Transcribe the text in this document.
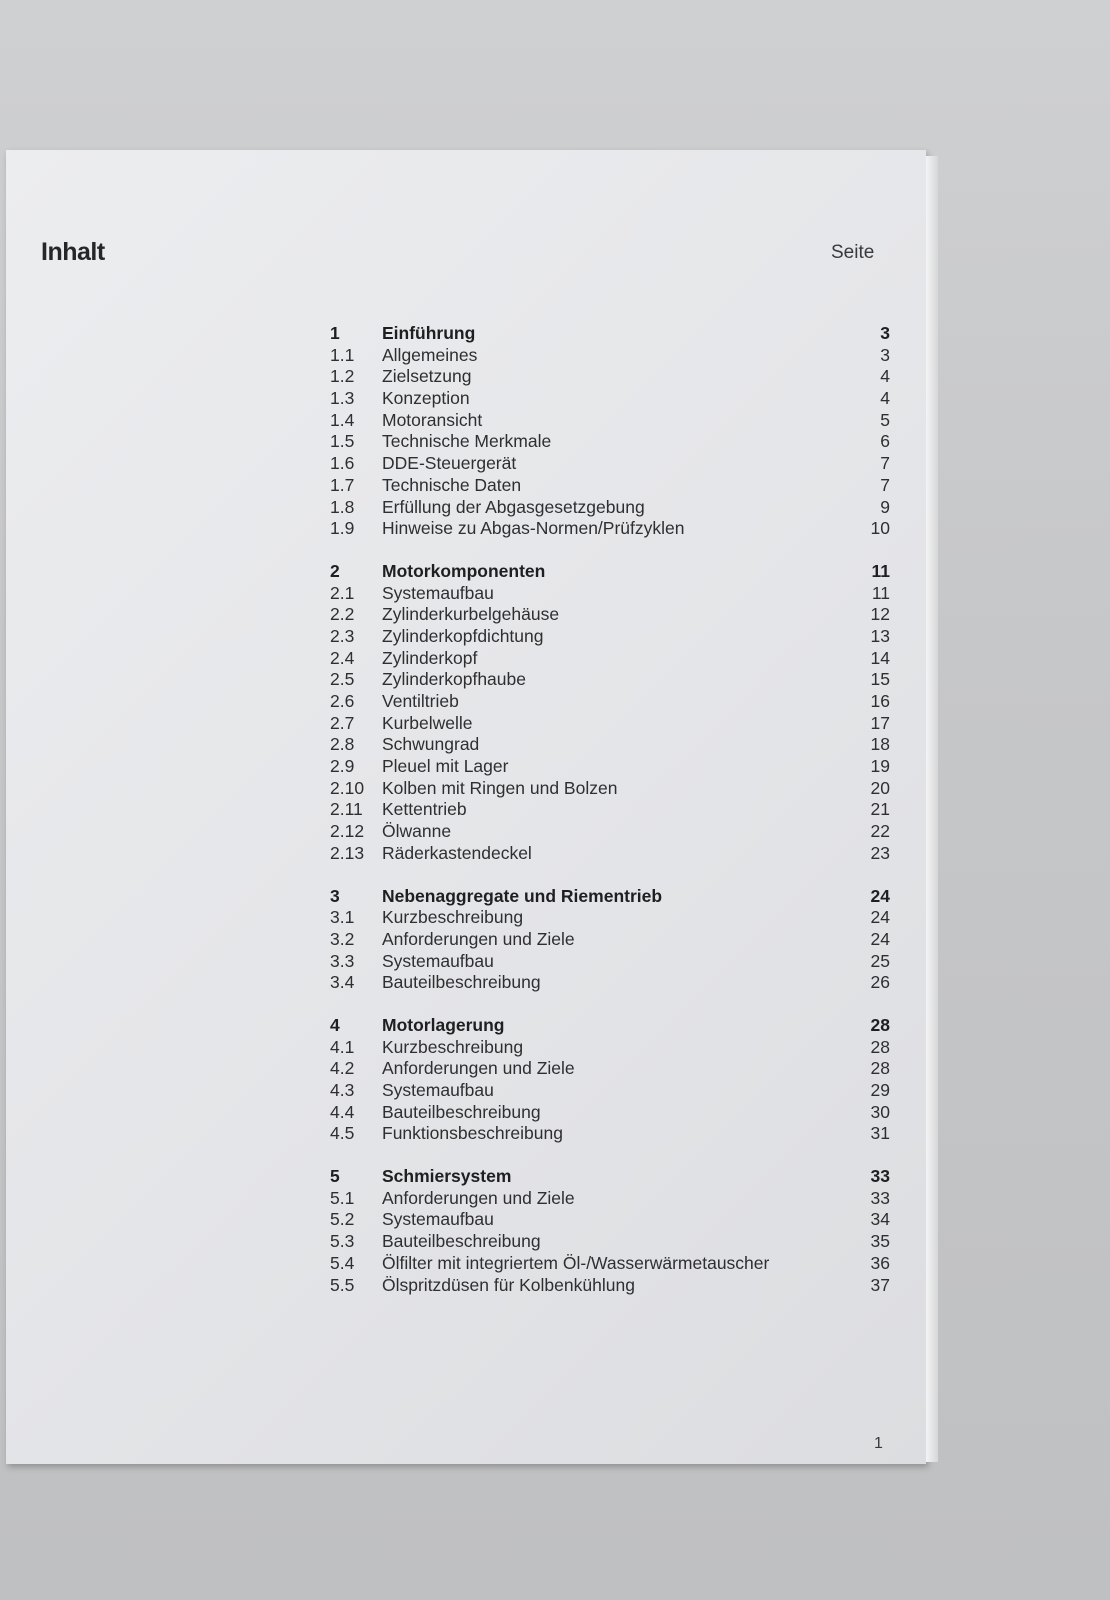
Inhalt	Seite
1	Einführung	3
1.1	Allgemeines	3
1.2	Zielsetzung	4
1.3	Konzeption	4
1.4	Motoransicht	5
1.5	Technische Merkmale	6
1.6	DDE-Steuergerät	7
1.7	Technische Daten	7
1.8	Erfüllung der Abgasgesetzgebung	9
1.9	Hinweise zu Abgas-Normen/Prüfzyklen	10
2	Motorkomponenten	11
2.1	Systemaufbau	11
2.2	Zylinderkurbelgehäuse	12
2.3	Zylinderkopfdichtung	13
2.4	Zylinderkopf	14
2.5	Zylinderkopfhaube	15
2.6	Ventiltrieb	16
2.7	Kurbelwelle	17
2.8	Schwungrad	18
2.9	Pleuel mit Lager	19
2.10	Kolben mit Ringen und Bolzen	20
2.11	Kettentrieb	21
2.12	Ölwanne	22
2.13	Räderkastendeckel	23
3	Nebenaggregate und Riementrieb	24
3.1	Kurzbeschreibung	24
3.2	Anforderungen und Ziele	24
3.3	Systemaufbau	25
3.4	Bauteilbeschreibung	26
4	Motorlagerung	28
4.1	Kurzbeschreibung	28
4.2	Anforderungen und Ziele	28
4.3	Systemaufbau	29
4.4	Bauteilbeschreibung	30
4.5	Funktionsbeschreibung	31
5	Schmiersystem	33
5.1	Anforderungen und Ziele	33
5.2	Systemaufbau	34
5.3	Bauteilbeschreibung	35
5.4	Ölfilter mit integriertem Öl-/Wasserwärmetauscher	36
5.5	Ölspritzdüsen für Kolbenkühlung	37
1
